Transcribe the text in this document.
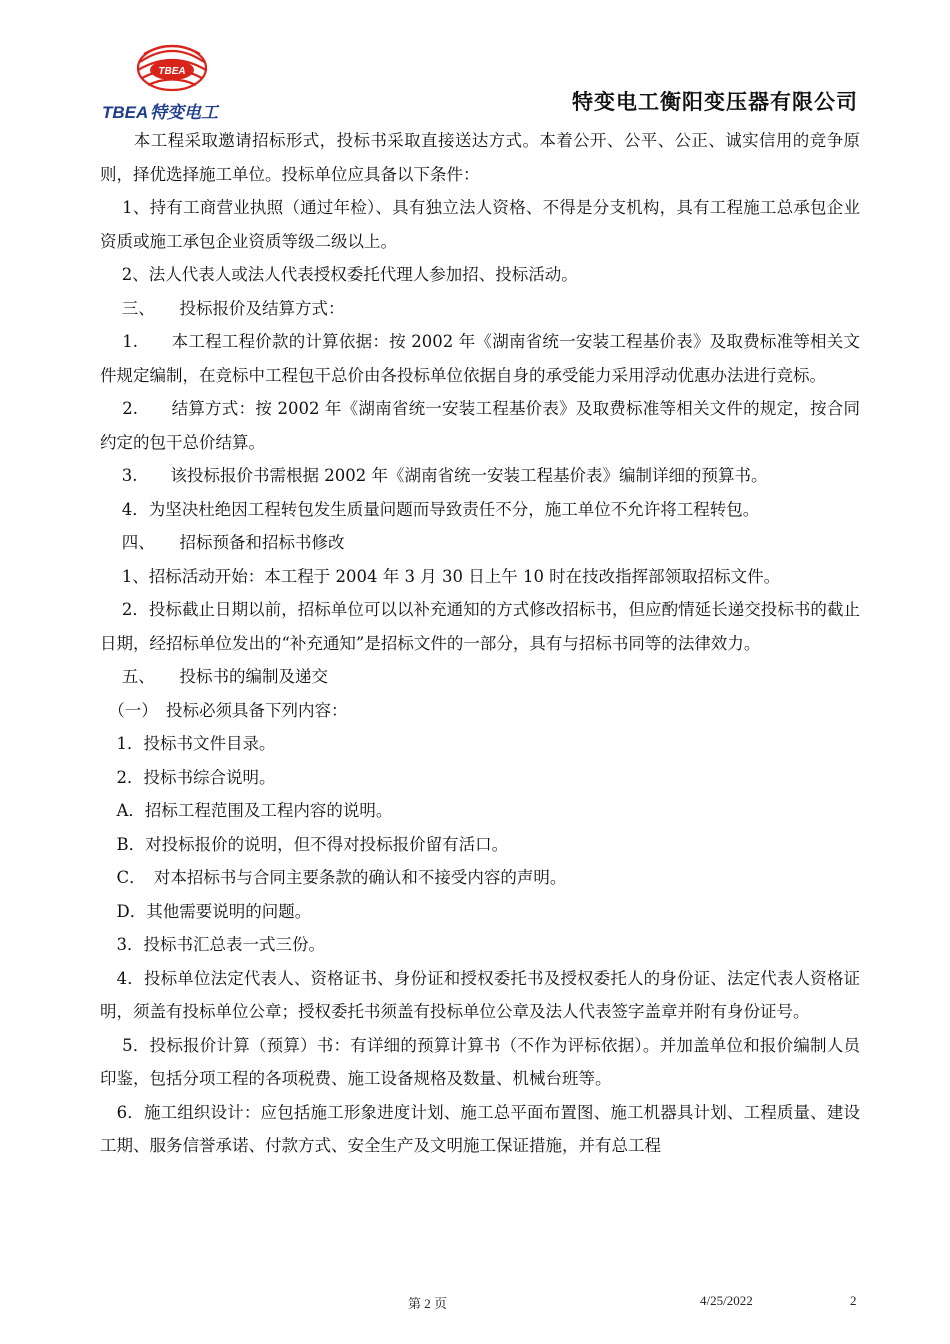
TBEA
TBEA 特变电工	特变电工衡阳变压器有限公司

　　本工程采取邀请招标形式，投标书采取直接送达方式。本着公开、公平、公正、诚实信用的竞争原则，择优选择施工单位。投标单位应具备以下条件：

　 1、持有工商营业执照（通过年检）、具有独立法人资格、不得是分支机构，具有工程施工总承包企业资质或施工承包企业资质等级二级以上。

　 2、法人代表人或法人代表授权委托代理人参加招、投标活动。

　 三、　　投标报价及结算方式：

　 1.　　本工程工程价款的计算依据：按 2002 年《湖南省统一安装工程基价表》及取费标准等相关文件规定编制，在竞标中工程包干总价由各投标单位依据自身的承受能力采用浮动优惠办法进行竞标。

　 2.　　结算方式：按 2002 年《湖南省统一安装工程基价表》及取费标准等相关文件的规定，按合同约定的包干总价结算。

　 3.　　该投标报价书需根据 2002 年《湖南省统一安装工程基价表》编制详细的预算书。

　 4．为坚决杜绝因工程转包发生质量问题而导致责任不分，施工单位不允许将工程转包。

　 四、　　招标预备和招标书修改

　 1、招标活动开始：本工程于 2004 年 3 月 30 日上午 10 时在技改指挥部领取招标文件。

　 2．投标截止日期以前，招标单位可以以补充通知的方式修改招标书，但应酌情延长递交投标书的截止日期，经招标单位发出的“补充通知”是招标文件的一部分，具有与招标书同等的法律效力。

　 五、　　投标书的编制及递交

　（一）　投标必须具备下列内容：

　1．投标书文件目录。

　2．投标书综合说明。

　A．招标工程范围及工程内容的说明。

　B．对投标报价的说明，但不得对投标报价留有活口。

　C．　对本招标书与合同主要条款的确认和不接受内容的声明。

　D．其他需要说明的问题。

　3．投标书汇总表一式三份。

　4．投标单位法定代表人、资格证书、身份证和授权委托书及授权委托人的身份证、法定代表人资格证明，须盖有投标单位公章；授权委托书须盖有投标单位公章及法人代表签字盖章并附有身份证号。

　 5．投标报价计算（预算）书：有详细的预算计算书（不作为评标依据）。并加盖单位和报价编制人员印鉴，包括分项工程的各项税费、施工设备规格及数量、机械台班等。

　6．施工组织设计：应包括施工形象进度计划、施工总平面布置图、施工机器具计划、工程质量、建设工期、服务信誉承诺、付款方式、安全生产及文明施工保证措施，并有总工程

第 2 页	4/25/2022	2
